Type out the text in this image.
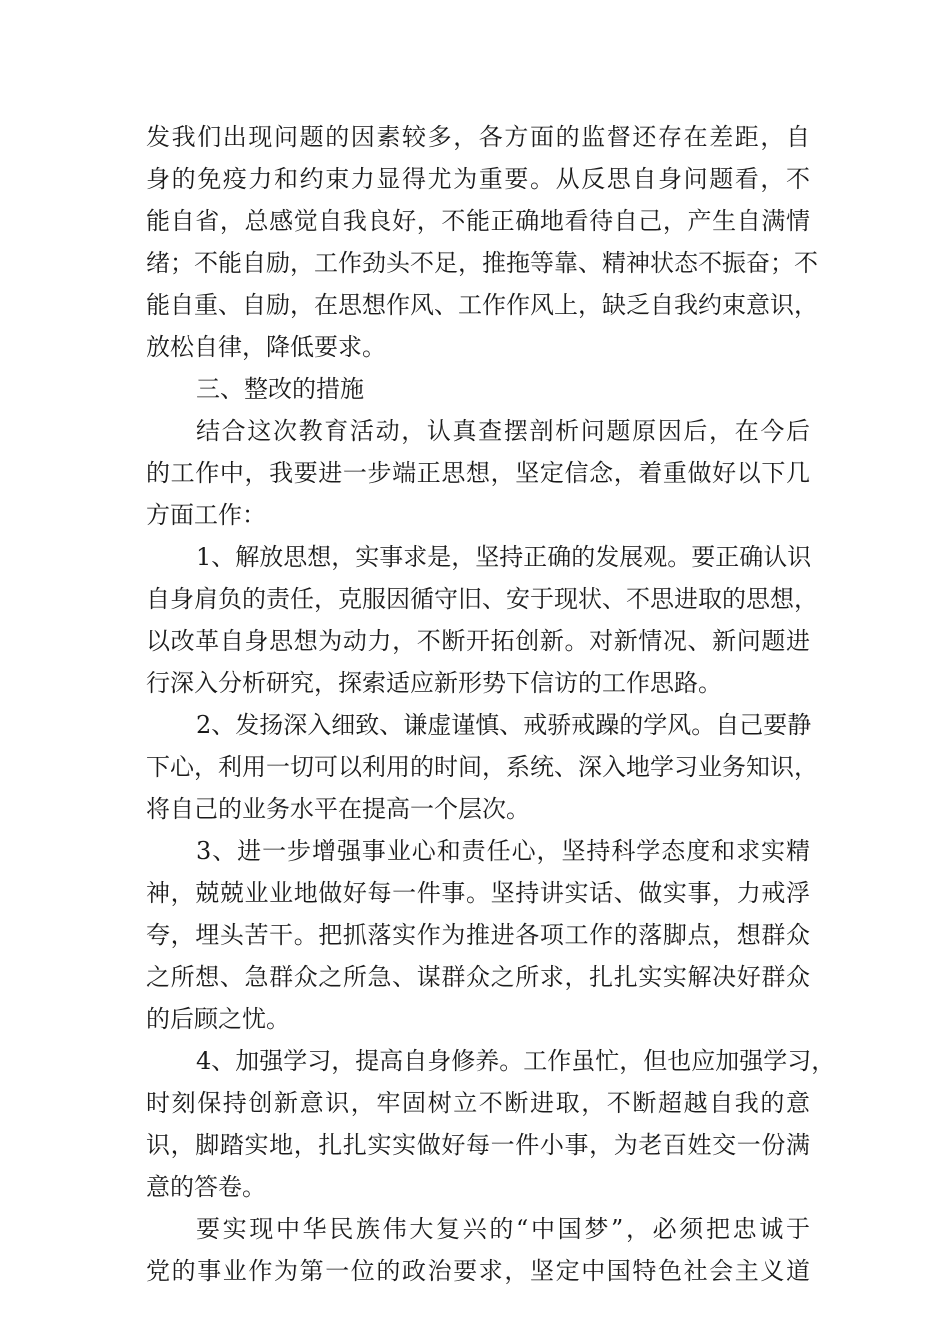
发我们出现问题的因素较多，各方面的监督还存在差距，自
身的免疫力和约束力显得尤为重要。从反思自身问题看，不
能自省，总感觉自我良好，不能正确地看待自己，产生自满情
绪；不能自励，工作劲头不足，推拖等靠、精神状态不振奋；不
能自重、自励，在思想作风、工作作风上，缺乏自我约束意识，
放松自律，降低要求。
三、整改的措施
结合这次教育活动，认真查摆剖析问题原因后，在今后
的工作中，我要进一步端正思想，坚定信念，着重做好以下几
方面工作：
1、解放思想，实事求是，坚持正确的发展观。要正确认识
自身肩负的责任，克服因循守旧、安于现状、不思进取的思想，
以改革自身思想为动力，不断开拓创新。对新情况、新问题进
行深入分析研究，探索适应新形势下信访的工作思路。
2、发扬深入细致、谦虚谨慎、戒骄戒躁的学风。自己要静
下心，利用一切可以利用的时间，系统、深入地学习业务知识，
将自己的业务水平在提高一个层次。
3、进一步增强事业心和责任心，坚持科学态度和求实精
神，兢兢业业地做好每一件事。坚持讲实话、做实事，力戒浮
夸，埋头苦干。把抓落实作为推进各项工作的落脚点，想群众
之所想、急群众之所急、谋群众之所求，扎扎实实解决好群众
的后顾之忧。
4、加强学习，提高自身修养。工作虽忙，但也应加强学习，
时刻保持创新意识，牢固树立不断进取，不断超越自我的意
识，脚踏实地，扎扎实实做好每一件小事，为老百姓交一份满
意的答卷。
要实现中华民族伟大复兴的“中国梦”，必须把忠诚于
党的事业作为第一位的政治要求，坚定中国特色社会主义道
